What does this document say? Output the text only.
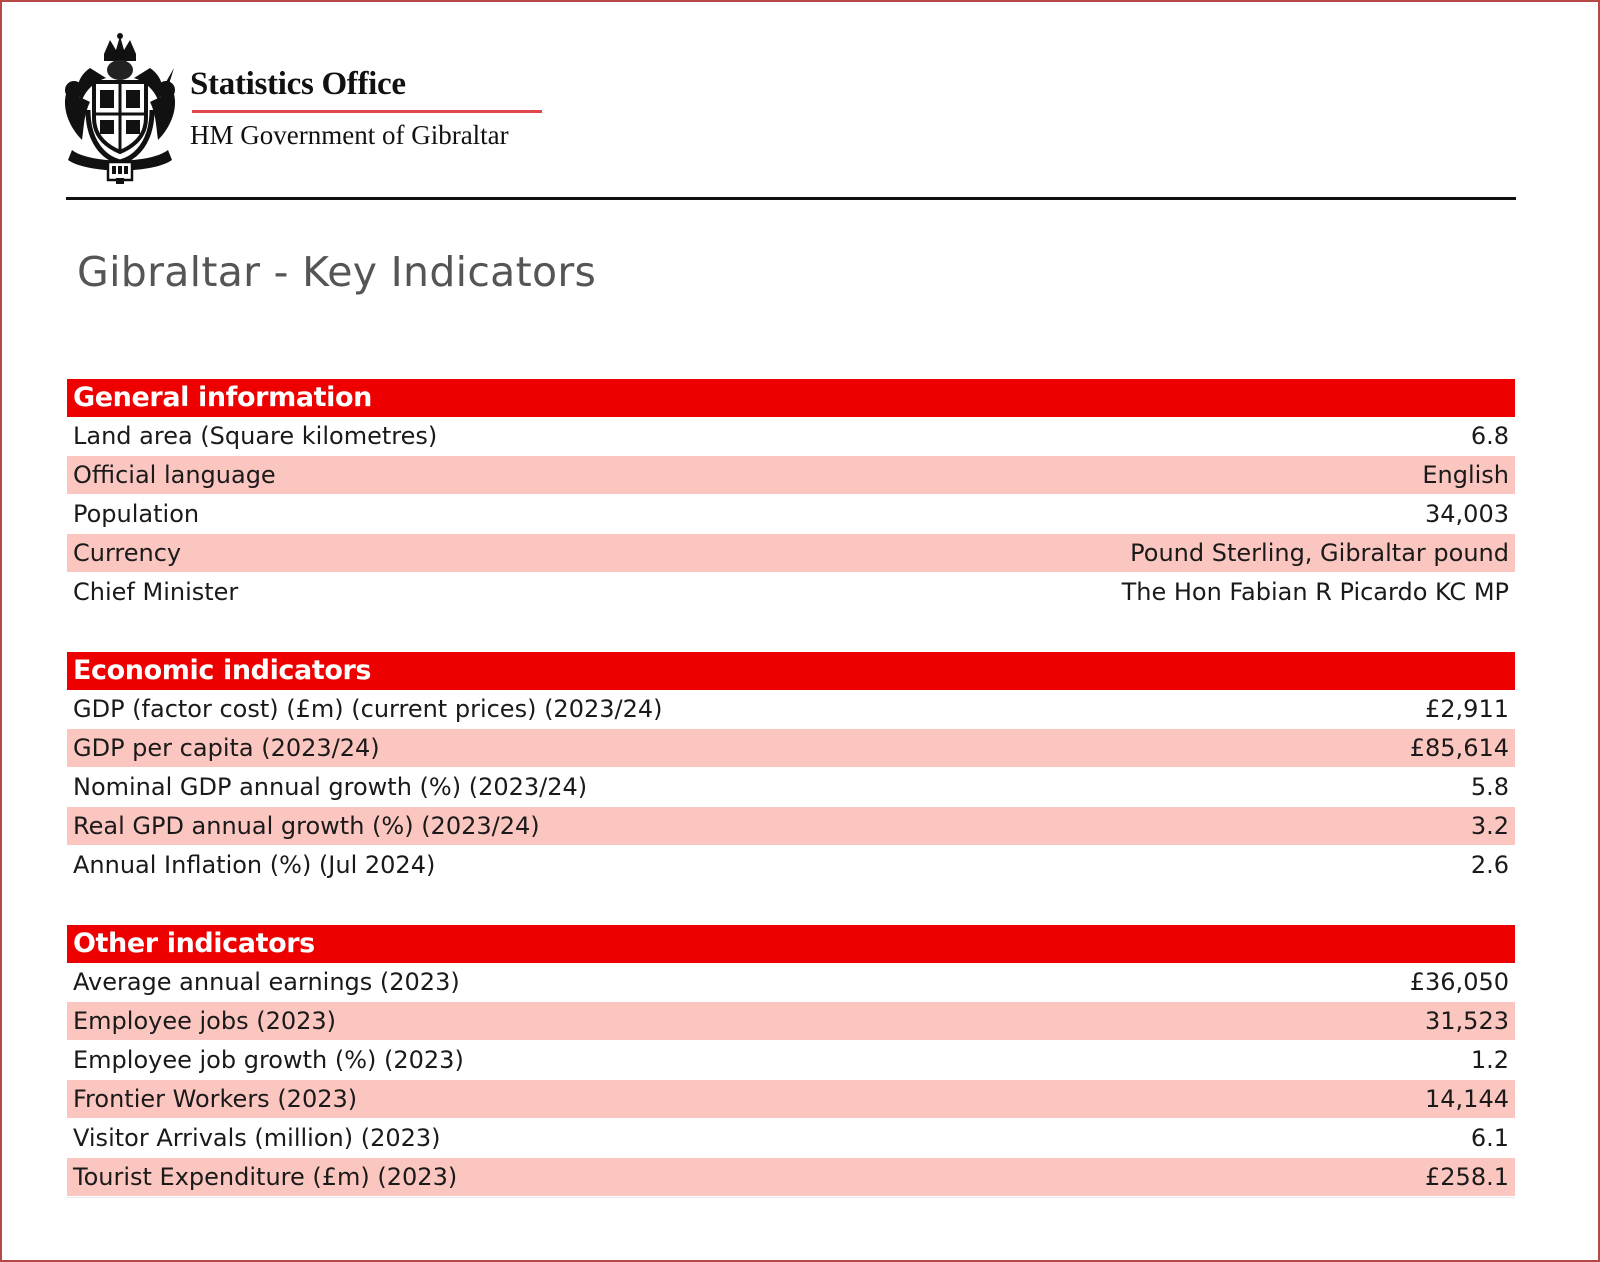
Statistics Office
HM Government of Gibraltar
Gibraltar - Key Indicators
General information
Land area (Square kilometres)	6.8
Official language	English
Population	34,003
Currency	Pound Sterling, Gibraltar pound
Chief Minister	The Hon Fabian R Picardo KC MP
Economic indicators
GDP (factor cost) (£m) (current prices) (2023/24)	£2,911
GDP per capita (2023/24)	£85,614
Nominal GDP annual growth (%) (2023/24)	5.8
Real GPD annual growth (%) (2023/24)	3.2
Annual Inflation (%) (Jul 2024)	2.6
Other indicators
Average annual earnings (2023)	£36,050
Employee jobs (2023)	31,523
Employee job growth (%) (2023)	1.2
Frontier Workers (2023)	14,144
Visitor Arrivals (million) (2023)	6.1
Tourist Expenditure (£m) (2023)	£258.1
